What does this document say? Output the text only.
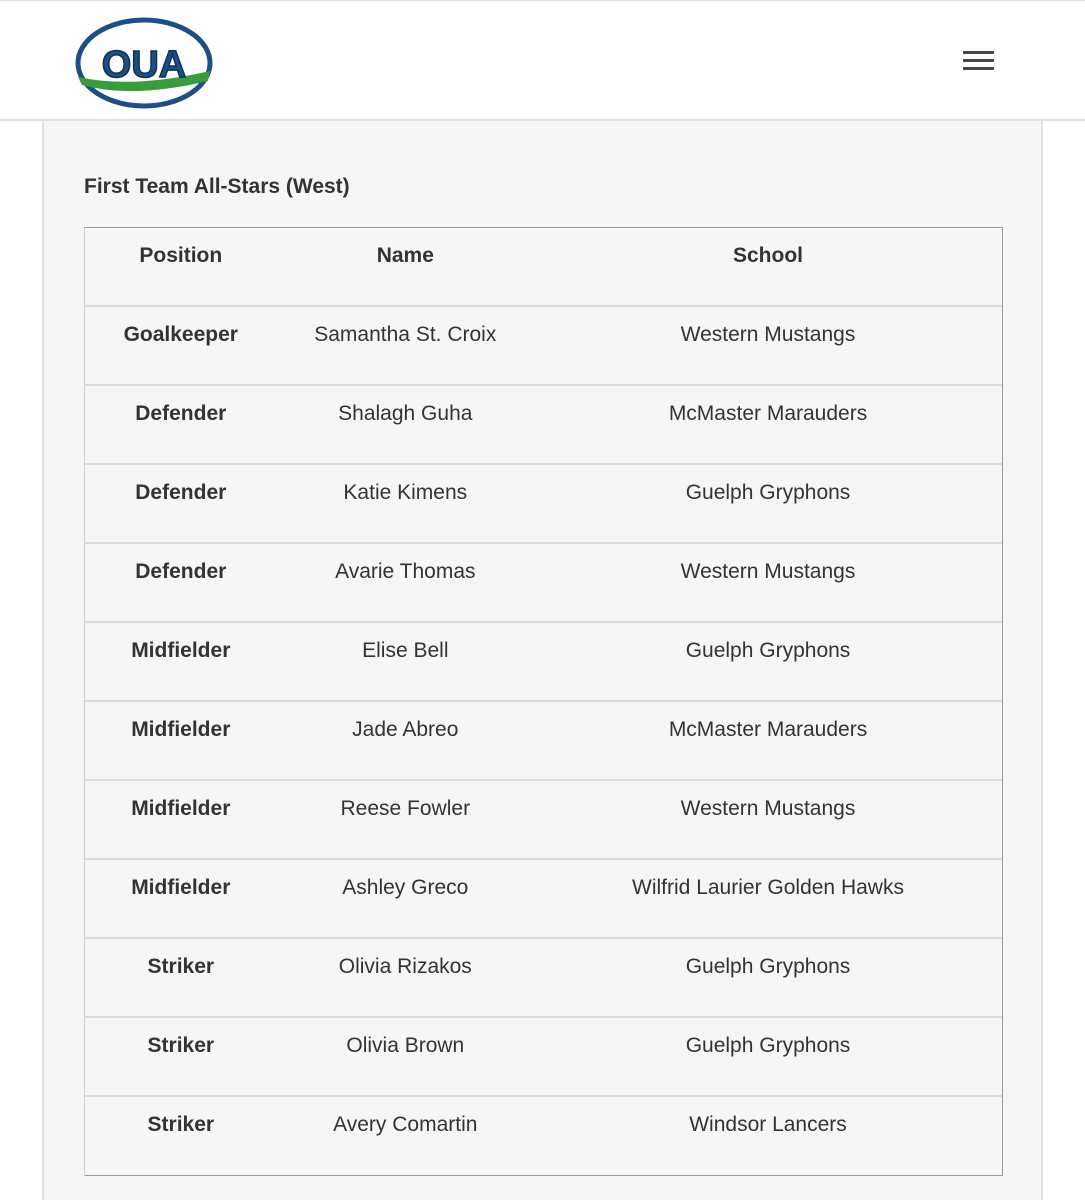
OUA
First Team All-Stars (West)
Position	Name	School
Goalkeeper	Samantha St. Croix	Western Mustangs
Defender	Shalagh Guha	McMaster Marauders
Defender	Katie Kimens	Guelph Gryphons
Defender	Avarie Thomas	Western Mustangs
Midfielder	Elise Bell	Guelph Gryphons
Midfielder	Jade Abreo	McMaster Marauders
Midfielder	Reese Fowler	Western Mustangs
Midfielder	Ashley Greco	Wilfrid Laurier Golden Hawks
Striker	Olivia Rizakos	Guelph Gryphons
Striker	Olivia Brown	Guelph Gryphons
Striker	Avery Comartin	Windsor Lancers
